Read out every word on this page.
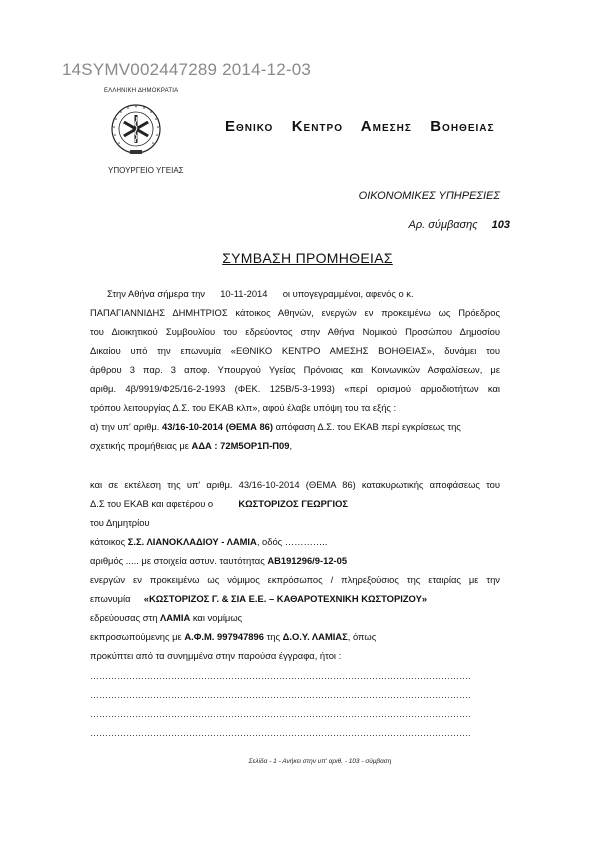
14SYMV002447289 2014-12-03
ΕΛΛΗΝΙΚΗ ΔΗΜΟΚΡΑΤΙΑ
ΥΠΟΥΡΓΕΙΟ ΥΓΕΙΑΣ
ΕΘΝΙΚΟ ΚΕΝΤΡΟ ΑΜΕΣΗΣ ΒΟΗΘΕΙΑΣ
ΟΙΚΟΝΟΜΙΚΕΣ ΥΠΗΡΕΣΙΕΣ
Αρ. σύμβασης 103
ΣΥΜΒΑΣΗ ΠΡΟΜΗΘΕΙΑΣ
Στην Αθήνα σήμερα την 10-11-2014 οι υπογεγραμμένοι, αφενός ο κ.
ΠΑΠΑΓΙΑΝΝΙΔΗΣ ΔΗΜΗΤΡΙΟΣ κάτοικος Αθηνών, ενεργών εν προκειμένω ως Πρόεδρος
του Διοικητικού Συμβουλίου του εδρεύοντος στην Αθήνα Νομικού Προσώπου Δημοσίου
Δικαίου υπό την επωνυμία «ΕΘΝΙΚΟ ΚΕΝΤΡΟ ΑΜΕΣΗΣ ΒΟΗΘΕΙΑΣ», δυνάμει του
άρθρου 3 παρ. 3 αποφ. Υπουργού Υγείας Πρόνοιας και Κοινωνικών Ασφαλίσεων, με
αριθμ. 4β/9919/Φ25/16-2-1993 (ΦΕΚ. 125Β/5-3-1993) «περί ορισμού αρμοδιοτήτων και
τρόπου λειτουργίας Δ.Σ. του ΕΚΑΒ κλπ», αφού έλαβε υπόψη του τα εξής :
α) την υπ' αριθμ. 43/16-10-2014 (ΘΕΜΑ 86) απόφαση Δ.Σ. του ΕΚΑΒ περί εγκρίσεως της
σχετικής προμήθειας με ΑΔΑ : 72Μ5ΟΡ1Π-Π09,
και σε εκτέλεση της υπ' αριθμ. 43/16-10-2014 (ΘΕΜΑ 86) κατακυρωτικής αποφάσεως του
Δ.Σ του ΕΚΑΒ και αφετέρου ο	ΚΩΣΤΟΡΙΖΟΣ ΓΕΩΡΓΙΟΣ
του Δημητρίου
κάτοικος Σ.Σ. ΛΙΑΝΟΚΛΑΔΙΟΥ - ΛΑΜΙΑ, οδός …………..
αριθμός ..... με στοιχεία αστυν. ταυτότητας ΑΒ191296/9-12-05
ενεργών εν προκειμένω ως νόμιμος εκπρόσωπος / πληρεξούσιος της εταιρίας με την
επωνυμία «ΚΩΣΤΟΡΙΖΟΣ Γ. & ΣΙΑ Ε.Ε. – ΚΑΘΑΡΟΤΕΧΝΙΚΗ ΚΩΣΤΟΡΙΖΟΥ»
εδρεύουσας στη ΛΑΜΙΑ και νομίμως
εκπροσωπούμενης με Α.Φ.Μ. 997947896 της Δ.Ο.Υ. ΛΑΜΙΑΣ, όπως
προκύπτει από τα συνημμένα στην παρούσα έγγραφα, ήτοι :
……………………………………………………………………………………………………………….
……………………………………………………………………………………………………………….
……………………………………………………………………………………………………………….
……………………………………………………………………………………………………………….
Σελίδα - 1 - Ανήκει στην υπ' αριθ. - 103 - σύμβαση
